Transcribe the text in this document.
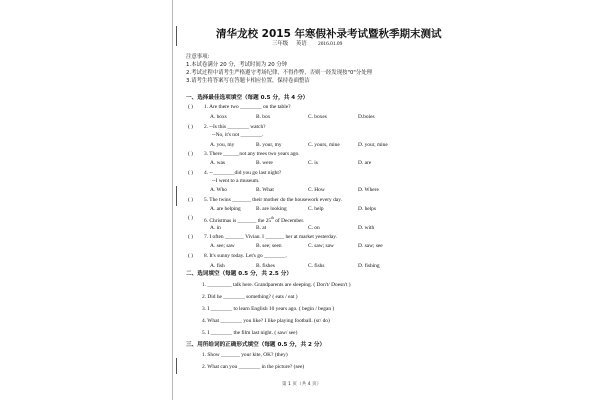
清华龙校 2015 年寒假补录考试暨秋季期末测试
三年级 英语 2016.01.09
注意事项:
1.本试卷满分 20 分，考试时间为 20 分钟
2.考试过程中请考生严格遵守考场纪律，不得作弊，否则一经发现按"0"分处理
3.请考生将答案写在答题卡相应位置，保持卷面整洁
一、选择最佳选项填空（每题 0.5 分，共 4 分）
( ) 1. Are there two ________ on the table?
A. boxs	B. box	C. boxes	D.boies
( ) 2. --Is this ________ watch?
--No, it's not ________.
A. you, my	B. your, my	C. yours, mine	D. your, mine
( ) 3. There ______not any trees two years ago.
A. was	B. were	C. is	D. are
( ) 4. --________did you go last night?
--I went to a museum.
A. Who	B. What	C. How	D. Where
( ) 5. The twins _______ their mother do the housework every day.
A. are helping	B. are looking	C. help	D. helps
( ) 6. Christmas is _______ the 25th of December.
A. in	B. at	C. on	D. with
( ) 7. I often _______ Vivian. I _______ her at market yesterday.
A. see; saw	B. see; seen	C. saw; saw	D. saw; see
( ) 8. It's sunny today. Let's go ________.
A. fish	B. fishes	C. fishs	D. fishing
二、选词填空（每题 0.5 分，共 2.5 分）
1. _________ talk here. Grandparents are sleeping. ( Don't/ Doesn't )
2. Did he ________ something? ( eats / eat )
3. I ________ to learn English 10 years ago. ( begin / began )
4. What ________ you like? I like playing football. (sr/ do)
5. I ________ the film last night. ( saw/ see)
三、用所给词的正确形式填空（每题 0.5 分，共 2 分）
1. Show _______ your kite, OK? (they)
2. What can you ________ in the picture? (see)
第 1 页（共 4 页）
